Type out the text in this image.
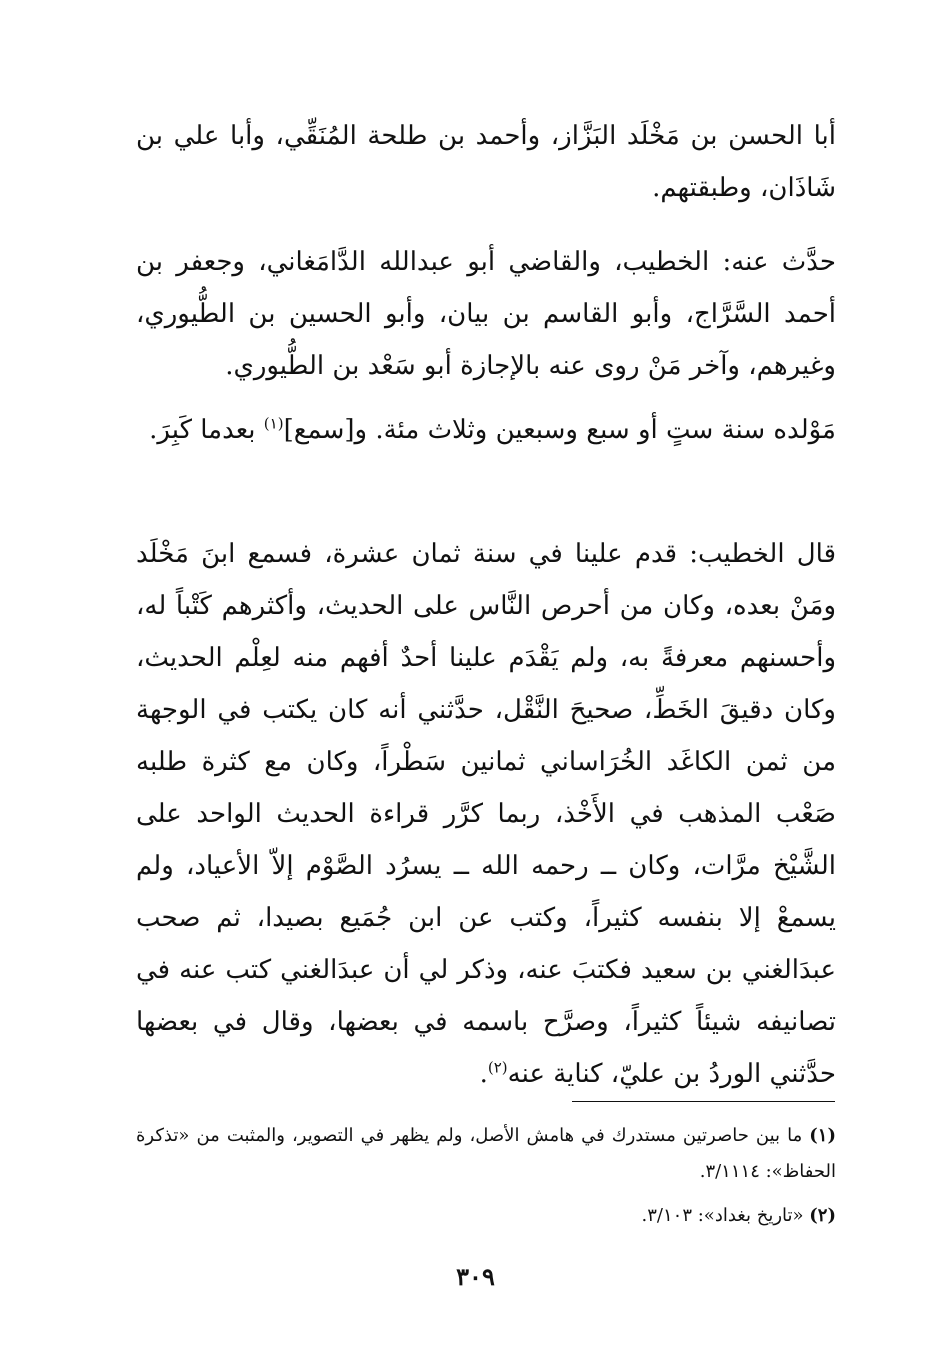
أبا الحسن بن مَخْلَد البَزَّاز، وأحمد بن طلحة المُنَقِّي، وأبا علي بن شَاذَان، وطبقتهم.

حدَّث عنه: الخطيب، والقاضي أبو عبدالله الدَّامَغاني، وجعفر بن أحمد السَّرَّاج، وأبو القاسم بن بيان، وأبو الحسين بن الطُّيوري، وغيرهم، وآخر مَنْ روى عنه بالإجازة أبو سَعْد بن الطُّيوري.

مَوْلده سنة ستٍ أو سبع وسبعين وثلاث مئة. و[سمع]$^{(١)}$ بعدما كَبِرَ.

قال الخطيب: قدم علينا في سنة ثمان عشرة، فسمع ابنَ مَخْلَد ومَنْ بعده، وكان من أحرص النَّاس على الحديث، وأكثرهم كَتْباً له، وأحسنهم معرفةً به، ولم يَقْدَم علينا أحدٌ أفهم منه لعِلْم الحديث، وكان دقيقَ الخَطِّ، صحيحَ النَّقْل، حدَّثني أنه كان يكتب في الوجهة من ثمن الكاغَد الخُرَاساني ثمانين سَطْراً، وكان مع كثرة طلبه صَعْب المذهب في الأَخْذ، ربما كرَّر قراءة الحديث الواحد على الشَّيْخ مرَّات، وكان ــ رحمه الله ــ يسرُد الصَّوْم إلاّ الأعياد، ولم يسمعْ إلا بنفسه كثيراً، وكتب عن ابن جُمَيع بصيدا، ثم صحب عبدَالغني بن سعيد فكتبَ عنه، وذكر لي أن عبدَالغني كتب عنه في تصانيفه شيئاً كثيراً، وصرَّح باسمه في بعضها، وقال في بعضها حدَّثني الوردُ بن عليّ، كناية عنه$^{(٢)}$.

(١) ما بين حاصرتين مستدرك في هامش الأصل، ولم يظهر في التصوير، والمثبت من «تذكرة الحفاظ»: ٣/١١١٤.
(٢) «تاريخ بغداد»: ٣/١٠٣.
٣٠٩
